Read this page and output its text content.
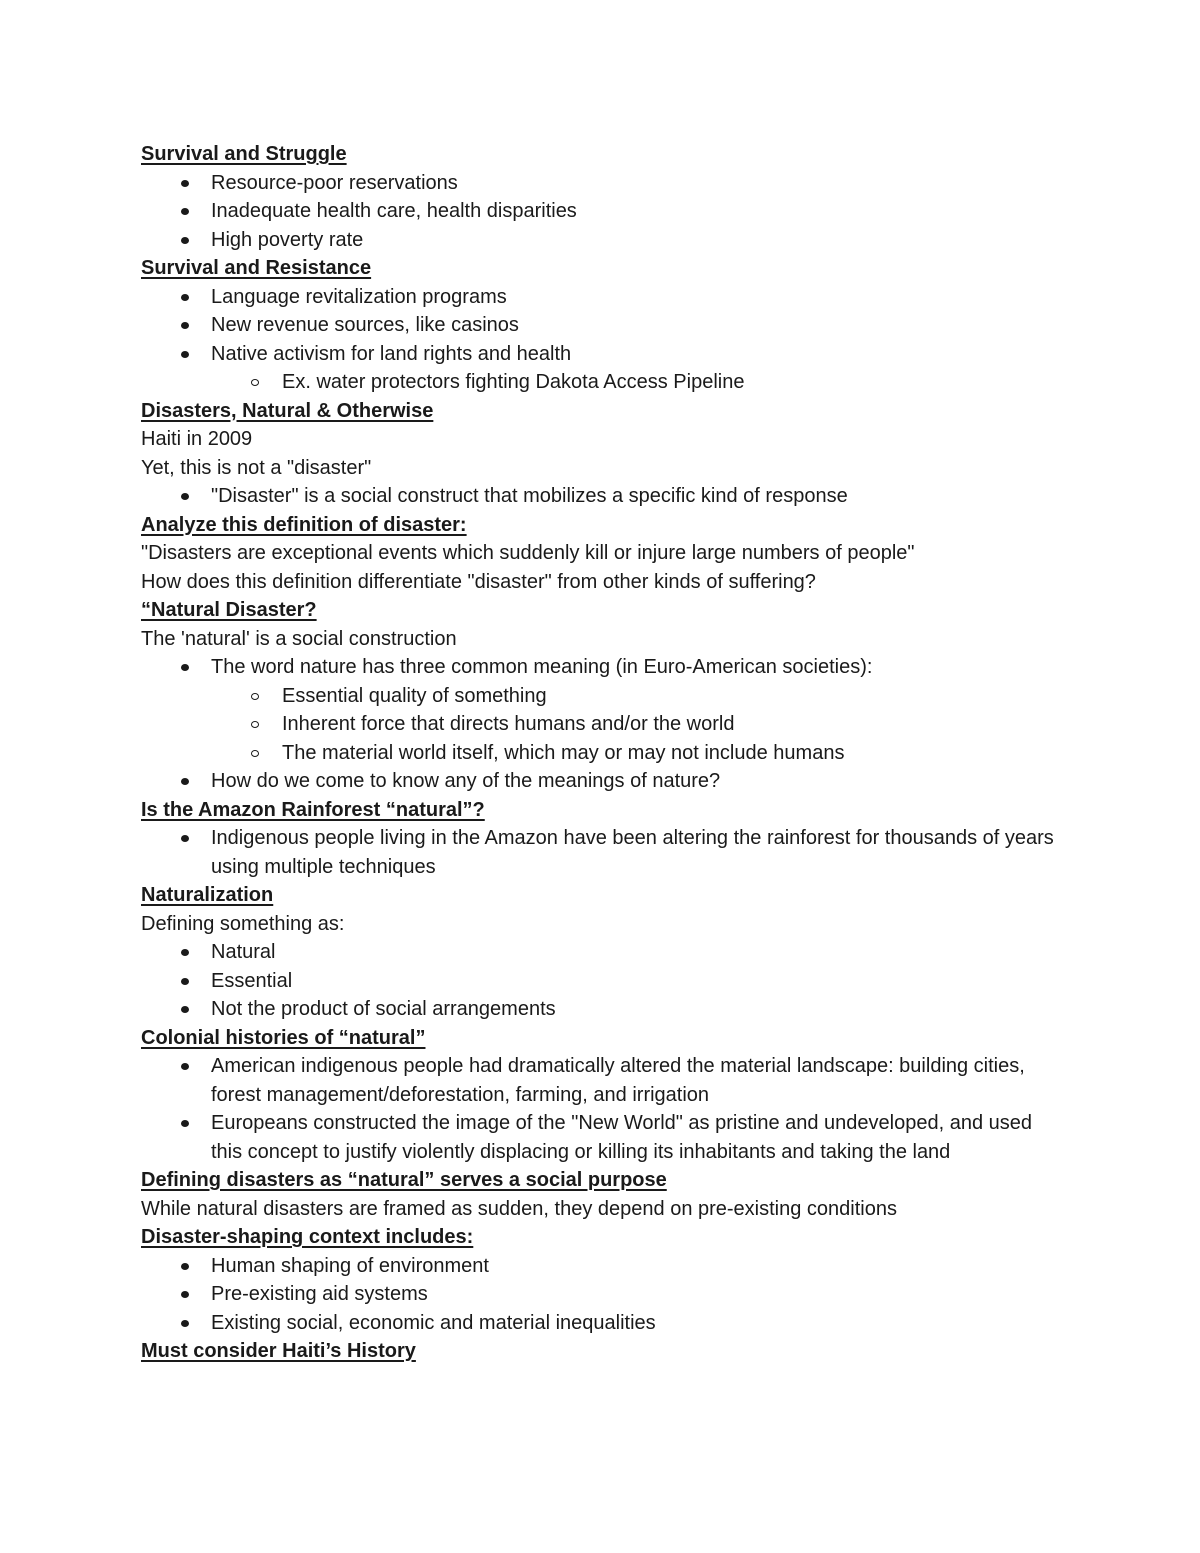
Survival and Struggle
Resource-poor reservations
Inadequate health care, health disparities
High poverty rate
Survival and Resistance
Language revitalization programs
New revenue sources, like casinos
Native activism for land rights and health
Ex. water protectors fighting Dakota Access Pipeline
Disasters, Natural & Otherwise
Haiti in 2009
Yet, this is not a "disaster"
"Disaster" is a social construct that mobilizes a specific kind of response
Analyze this definition of disaster:
"Disasters are exceptional events which suddenly kill or injure large numbers of people"
How does this definition differentiate "disaster" from other kinds of suffering?
“Natural Disaster?
The 'natural' is a social construction
The word nature has three common meaning (in Euro-American societies):
Essential quality of something
Inherent force that directs humans and/or the world
The material world itself, which may or may not include humans
How do we come to know any of the meanings of nature?
Is the Amazon Rainforest “natural”?
Indigenous people living in the Amazon have been altering the rainforest for thousands of years using multiple techniques
Naturalization
Defining something as:
Natural
Essential
Not the product of social arrangements
Colonial histories of “natural”
American indigenous people had dramatically altered the material landscape: building cities, forest management/deforestation, farming, and irrigation
Europeans constructed the image of the "New World" as pristine and undeveloped, and used this concept to justify violently displacing or killing its inhabitants and taking the land
Defining disasters as “natural” serves a social purpose
While natural disasters are framed as sudden, they depend on pre-existing conditions
Disaster-shaping context includes:
Human shaping of environment
Pre-existing aid systems
Existing social, economic and material inequalities
Must consider Haiti’s History
